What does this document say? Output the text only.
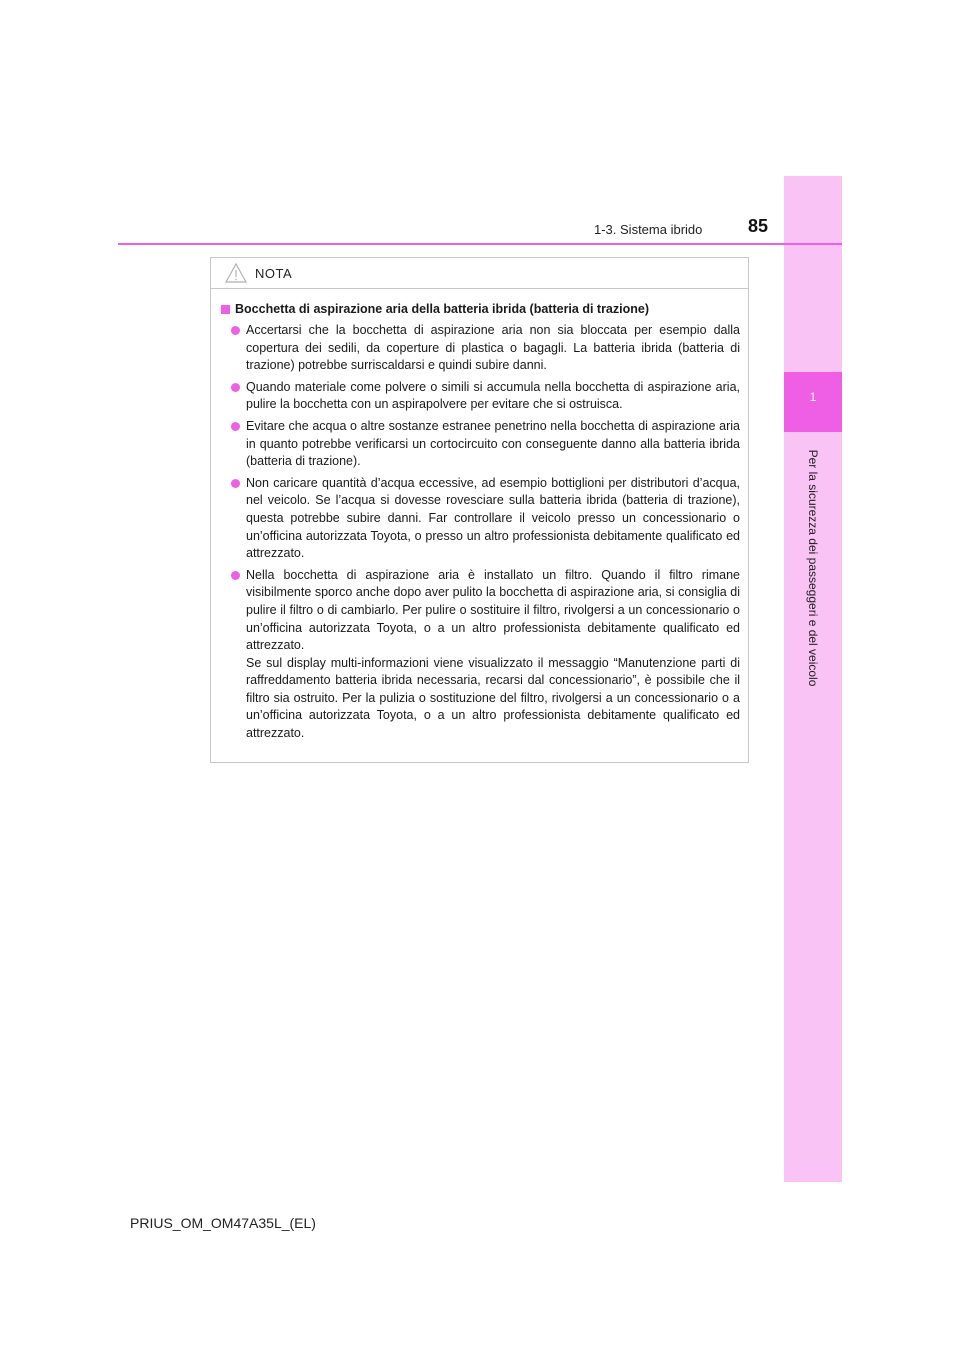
1
Per la sicurezza dei passeggeri e del veicolo
1-3. Sistema ibrido	85
NOTA
Bocchetta di aspirazione aria della batteria ibrida (batteria di trazione)

Accertarsi che la bocchetta di aspirazione aria non sia bloccata per esempio dalla copertura dei sedili, da coperture di plastica o bagagli. La batteria ibrida (batteria di trazione) potrebbe surriscaldarsi e quindi subire danni.

Quando materiale come polvere o simili si accumula nella bocchetta di aspirazione aria, pulire la bocchetta con un aspirapolvere per evitare che si ostruisca.

Evitare che acqua o altre sostanze estranee penetrino nella bocchetta di aspirazione aria in quanto potrebbe verificarsi un cortocircuito con conseguente danno alla batteria ibrida (batteria di trazione).

Non caricare quantità d’acqua eccessive, ad esempio bottiglioni per distributori d’acqua, nel veicolo. Se l’acqua si dovesse rovesciare sulla batteria ibrida (batteria di trazione), questa potrebbe subire danni. Far controllare il veicolo presso un concessionario o un’officina autorizzata Toyota, o presso un altro professionista debitamente qualificato ed attrezzato.

Nella bocchetta di aspirazione aria è installato un filtro. Quando il filtro rimane visibilmente sporco anche dopo aver pulito la bocchetta di aspirazione aria, si consiglia di pulire il filtro o di cambiarlo. Per pulire o sostituire il filtro, rivolgersi a un concessionario o un’officina autorizzata Toyota, o a un altro professionista debitamente qualificato ed attrezzato.

Se sul display multi-informazioni viene visualizzato il messaggio “Manutenzione parti di raffreddamento batteria ibrida necessaria, recarsi dal concessionario”, è possibile che il filtro sia ostruito. Per la pulizia o sostituzione del filtro, rivolgersi a un concessionario o a un’officina autorizzata Toyota, o a un altro professionista debitamente qualificato ed attrezzato.

PRIUS_OM_OM47A35L_(EL)
